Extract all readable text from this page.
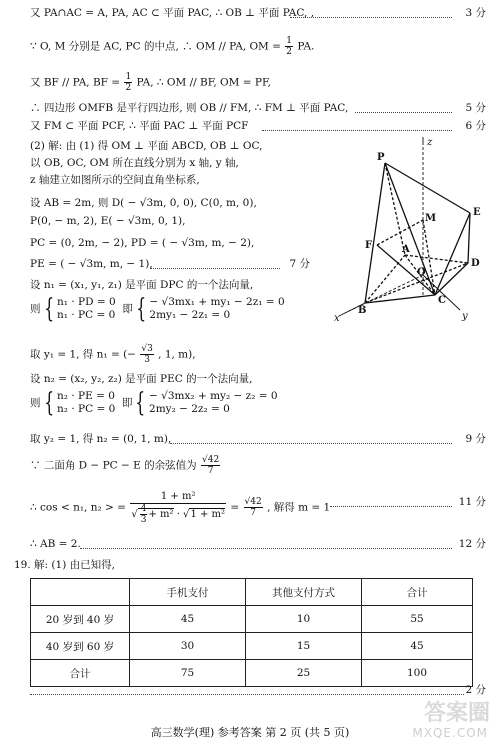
又 PA∩AC = A, PA, AC ⊂ 平面 PAC, ∴ OB ⊥ 平面 PAC, ,	3 分
∵ O, M 分别是 AC, PC 的中点, ∴ OM // PA, OM = $\frac{1}{2}$ PA.
又 BF // PA, BF = $\frac{1}{2}$ PA, ∴ OM // BF, OM = PF,
∴ 四边形 OMFB 是平行四边形, 则 OB // FM, ∴ FM ⊥ 平面 PAC,	5 分
又 FM ⊂ 平面 PCF, ∴ 平面 PAC ⊥ 平面 PCF	6 分
(2) 解: 由 (1) 得 OM ⊥ 平面 ABCD, OB ⊥ OC,
以 OB, OC, OM 所在直线分别为 x 轴, y 轴,
z 轴建立如图所示的空间直角坐标系,
设 AB = 2m, 则 D( − √3m, 0, 0), C(0, m, 0),
P(0, − m, 2), E( − √3m, 0, 1),
PC = (0, 2m, − 2), PD = ( − √3m, m, − 2),
PE = ( − √3m, m, − 1),	7 分
设 n₁ = (x₁, y₁, z₁) 是平面 DPC 的一个法向量,
则 { n₁ · PD = 0
n₁ · PC = 0 即 { − √3mx₁ + my₁ − 2z₁ = 0
2my₁ − 2z₁ = 0
取 y₁ = 1, 得 n₁ = (− $\frac{√3}{3}$ , 1, m),
设 n₂ = (x₂, y₂, z₂) 是平面 PEC 的一个法向量,
则 { n₂ · PE = 0
n₂ · PC = 0 即 { − √3mx₂ + my₂ − z₂ = 0
2my₂ − 2z₂ = 0
取 y₂ = 1, 得 n₂ = (0, 1, m),	9 分
∵ 二面角 D − PC − E 的余弦值为 $\frac{√42}{7}$
∴ cos < n₁, n₂ > = $\frac{\text{1 + m²}}{√ \frac{4}{3} + m^2 \cdot √1 + m^2} = \frac{√42}{7}$ , 解得 m = 1	11 分
∴ AB = 2.	12 分
19. 解: (1) 由已知得,
	手机支付	其他支付方式	合计
20 岁到 40 岁	45	10	55
40 岁到 60 岁	30	15	45
合计	75	25	100
2 分
高三数学(理) 参考答案 第 2 页 (共 5 页)
答案圈
MXQE.COM
P
z
E
M
F	A
O
D
B
C
x	y
